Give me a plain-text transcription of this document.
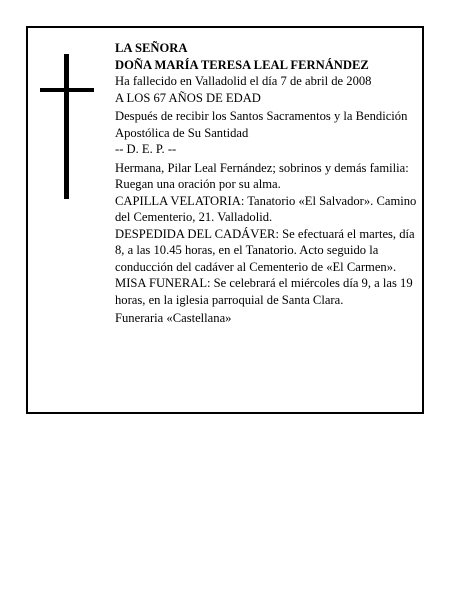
LA SEÑORA

DOÑA MARÍA TERESA LEAL FERNÁNDEZ

Ha fallecido en Valladolid el día 7 de abril de 2008

A LOS 67 AÑOS DE EDAD

Después de recibir los Santos Sacramentos y la Bendición Apostólica de Su Santidad

-- D. E. P. --

Hermana, Pilar Leal Fernández; sobrinos y demás familia:

Ruegan una oración por su alma.

CAPILLA VELATORIA: Tanatorio «El Salvador». Camino del Cementerio, 21. Valladolid.

DESPEDIDA DEL CADÁVER: Se efectuará el martes, día 8, a las 10.45 horas, en el Tanatorio. Acto seguido la conducción del cadáver al Cementerio de «El Carmen».

MISA FUNERAL: Se celebrará el miércoles día 9, a las 19 horas, en la iglesia parroquial de Santa Clara.

Funeraria «Castellana»
